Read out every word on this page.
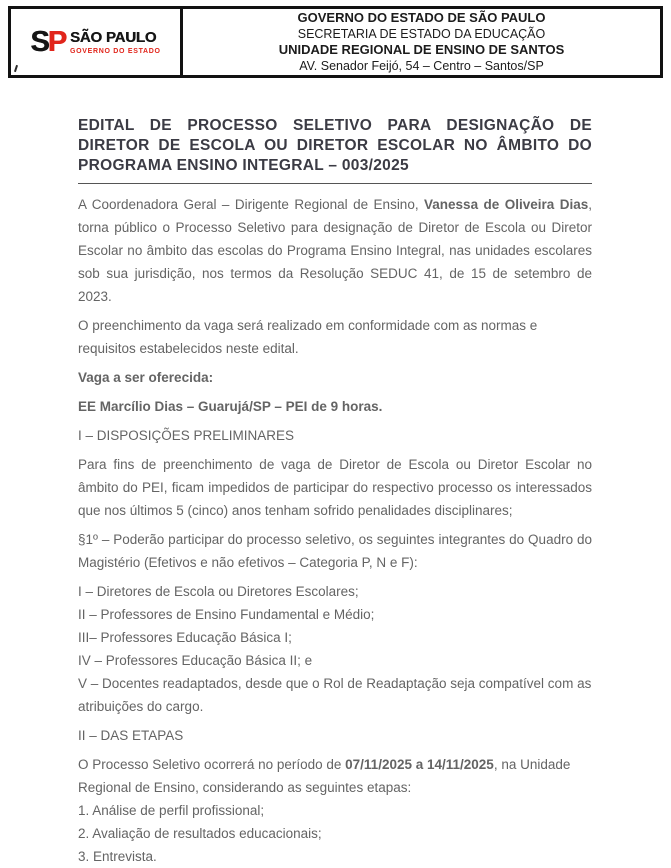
S P SÃO PAULO
GOVERNO DO ESTADO
GOVERNO DO ESTADO DE SÃO PAULO
SECRETARIA DE ESTADO DA EDUCAÇÃO
UNIDADE REGIONAL DE ENSINO DE SANTOS
AV. Senador Feijó, 54 – Centro – Santos/SP
EDITAL DE PROCESSO SELETIVO PARA DESIGNAÇÃO DE DIRETOR DE ESCOLA OU DIRETOR ESCOLAR NO ÂMBITO DO PROGRAMA ENSINO INTEGRAL – 003/2025

A Coordenadora Geral – Dirigente Regional de Ensino, Vanessa de Oliveira Dias, torna público o Processo Seletivo para designação de Diretor de Escola ou Diretor Escolar no âmbito das escolas do Programa Ensino Integral, nas unidades escolares sob sua jurisdição, nos termos da Resolução SEDUC 41, de 15 de setembro de 2023.

O preenchimento da vaga será realizado em conformidade com as normas e requisitos estabelecidos neste edital.

Vaga a ser oferecida:

EE Marcílio Dias – Guarujá/SP – PEI de 9 horas.

I – DISPOSIÇÕES PRELIMINARES

Para fins de preenchimento de vaga de Diretor de Escola ou Diretor Escolar no âmbito do PEI, ficam impedidos de participar do respectivo processo os interessados que nos últimos 5 (cinco) anos tenham sofrido penalidades disciplinares;

§1º – Poderão participar do processo seletivo, os seguintes integrantes do Quadro do Magistério (Efetivos e não efetivos – Categoria P, N e F):

I – Diretores de Escola ou Diretores Escolares;
II – Professores de Ensino Fundamental e Médio;
III– Professores Educação Básica I;
IV – Professores Educação Básica II; e
V – Docentes readaptados, desde que o Rol de Readaptação seja compatível com as atribuições do cargo.

II – DAS ETAPAS

O Processo Seletivo ocorrerá no período de 07/11/2025 a 14/11/2025, na Unidade Regional de Ensino, considerando as seguintes etapas:

1. Análise de perfil profissional;
2. Avaliação de resultados educacionais;
3. Entrevista.
